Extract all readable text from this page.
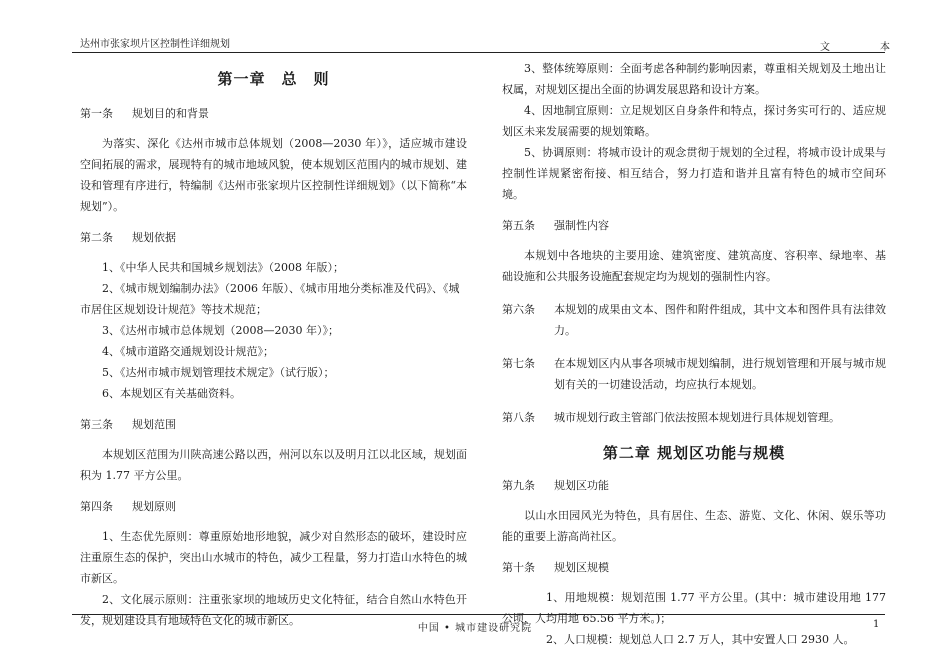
达州市张家坝片区控制性详细规划	文 本
第一章　总　则
第一条 规划目的和背景
为落实、深化《达州市城市总体规划（2008—2030 年）》，适应城市建设空间拓展的需求，展现特有的城市地域风貌，使本规划区范围内的城市规划、建设和管理有序进行，特编制《达州市张家坝片区控制性详细规划》（以下简称“本规划”）。
第二条 规划依据
1、《中华人民共和国城乡规划法》（2008 年版）；
2、《城市规划编制办法》（2006 年版）、《城市用地分类标准及代码》、《城市居住区规划设计规范》等技术规范；
3、《达州市城市总体规划（2008—2030 年）》；
4、《城市道路交通规划设计规范》；
5、《达州市城市规划管理技术规定》（试行版）；
6、本规划区有关基础资料。
第三条 规划范围
本规划区范围为川陕高速公路以西，州河以东以及明月江以北区域，规划面积为 1.77 平方公里。
第四条 规划原则
1、生态优先原则：尊重原始地形地貌，减少对自然形态的破坏，建设时应注重原生态的保护，突出山水城市的特色，减少工程量，努力打造山水特色的城市新区。
2、文化展示原则：注重张家坝的地域历史文化特征，结合自然山水特色开发，规划建设具有地域特色文化的城市新区。
3、整体统筹原则：全面考虑各种制约影响因素，尊重相关规划及土地出让权属，对规划区提出全面的协调发展思路和设计方案。
4、因地制宜原则：立足规划区自身条件和特点，探讨务实可行的、适应规划区未来发展需要的规划策略。
5、协调原则：将城市设计的观念贯彻于规划的全过程，将城市设计成果与控制性详规紧密衔接、相互结合，努力打造和谐并且富有特色的城市空间环境。
第五条 强制性内容
本规划中各地块的主要用途、建筑密度、建筑高度、容积率、绿地率、基础设施和公共服务设施配套规定均为规划的强制性内容。
第六条 本规划的成果由文本、图件和附件组成，其中文本和图件具有法律效力。
第七条 在本规划区内从事各项城市规划编制，进行规划管理和开展与城市规划有关的一切建设活动，均应执行本规划。
第八条 城市规划行政主管部门依法按照本规划进行具体规划管理。
第二章 规划区功能与规模
第九条 规划区功能
以山水田园风光为特色，具有居住、生态、游览、文化、休闲、娱乐等功能的重要上游高尚社区。
第十条 规划区规模
1、用地规模：规划范围 1.77 平方公里。(其中：城市建设用地 177 公顷，人均用地 65.56 平方米。)；
2、人口规模：规划总人口 2.7 万人，其中安置人口 2930 人。
中国 • 城市建设研究院	1
